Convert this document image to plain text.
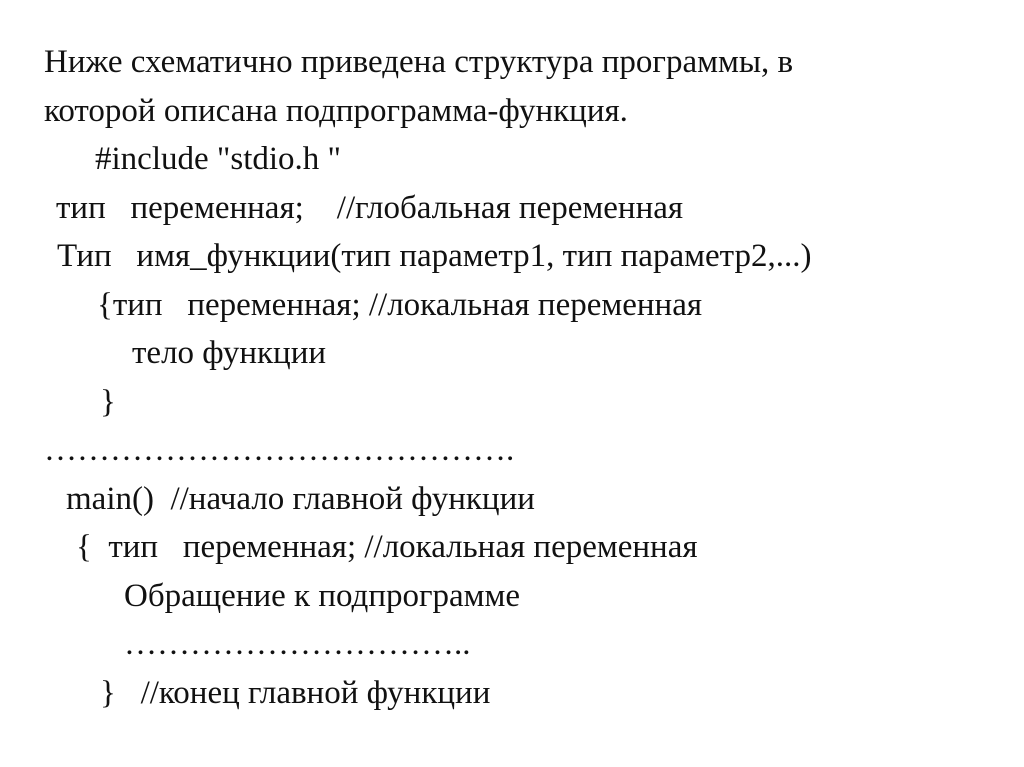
Ниже схематично приведена структура программы, в
которой описана подпрограмма-функция.
#include "stdio.h "
тип   переменная;    //глобальная переменная
Тип   имя_функции(тип параметр1, тип параметр2,...)
{тип   переменная; //локальная переменная
тело функции
}
…………………………………….
main()  //начало главной функции
{  тип   переменная; //локальная переменная
Обращение к подпрограмме
…………………………..
}   //конец главной функции
